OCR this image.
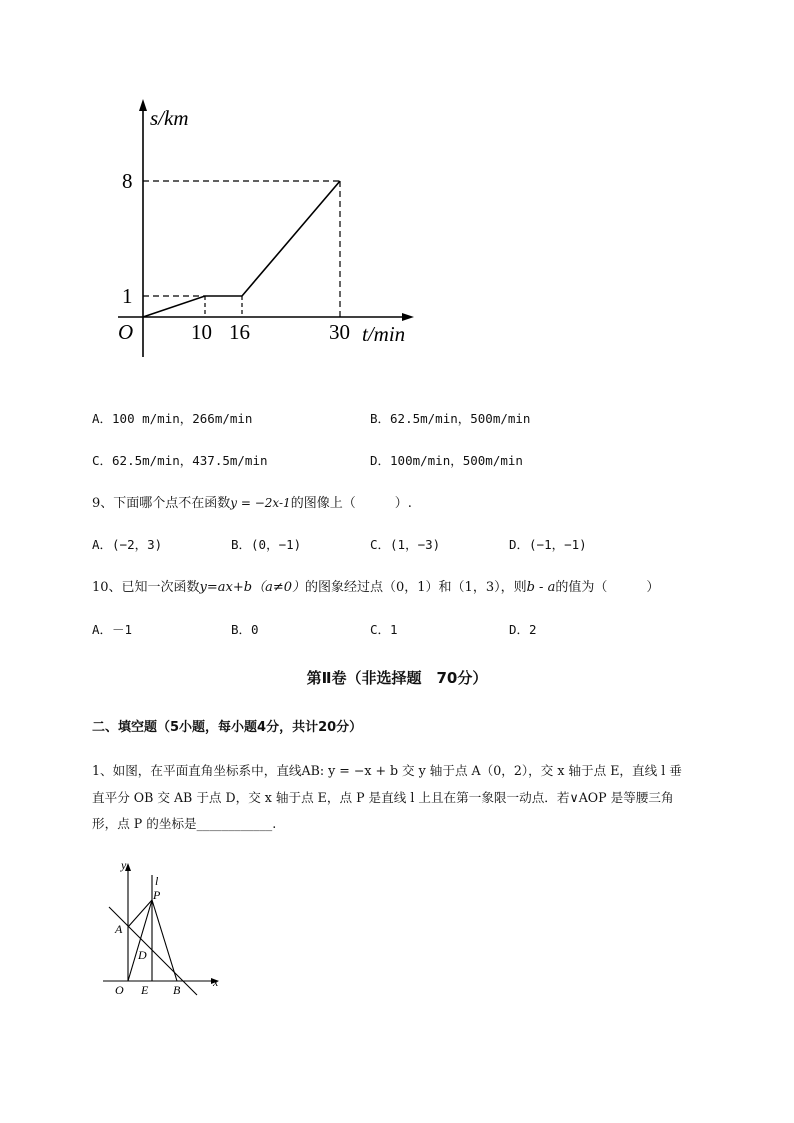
s/km
t/min
O
8
1
10 16	30
A．100 m/min，266m/min	B．62.5m/min，500m/min
C．62.5m/min，437.5m/min	D．100m/min，500m/min
9、下面哪个点不在函数y = −2x-1的图像上（　　　）.
A．(−2，3)	B．(0，−1)	C．(1，−3)	D．(−1，−1)
10、已知一次函数y=ax+b（a≠0）的图象经过点（0，1）和（1，3），则b - a的值为（　　　）
A．－1	B．0	C．1	D．2
第Ⅱ卷（非选择题　70分）
二、填空题（5小题，每小题4分，共计20分）
1、如图，在平面直角坐标系中，直线AB: y = −x + b 交 y 轴于点 A（0，2），交 x 轴于点 E，直线 l 垂
直平分 OB 交 AB 于点 D，交 x 轴于点 E，点 P 是直线 l 上且在第一象限一动点．若∨AOP 是等腰三角
形，点 P 的坐标是____________.
y
x
l
P
A
D
O E B
